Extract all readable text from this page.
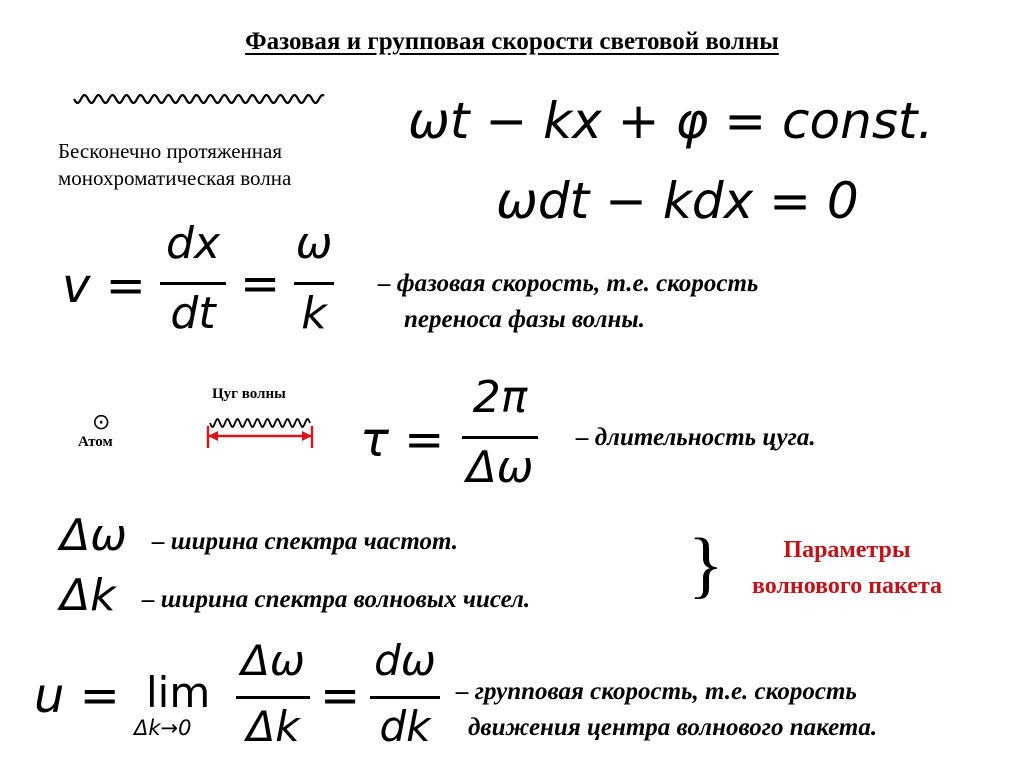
Фазовая и групповая скорости световой волны
Бесконечно протяженная
монохроматическая волна
ωt − kx + φ = const.
ωdt − kdx = 0
v =
dx
dt
=
ω
k
– фазовая скорость, т.е. скорость
переноса фазы волны.
⊙
Атом
Цуг волны
τ =
2π
Δω
– длительность цуга.
Δω – ширина спектра частот.
Δk – ширина спектра волновых чисел. }	Параметры
волнового пакета
u = lim
Δk→0
Δω
Δk
=
dω
dk
– групповая скорость, т.е. скорость
движения центра волнового пакета.
